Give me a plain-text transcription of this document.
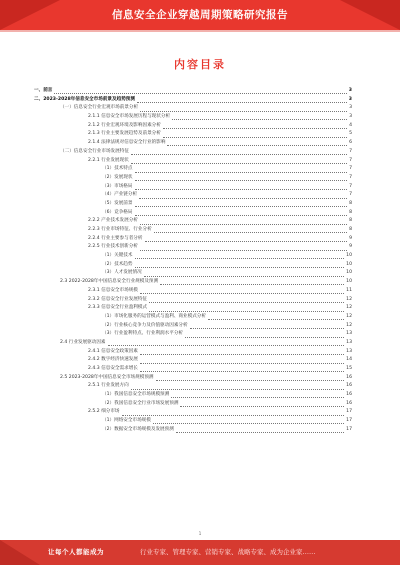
信息安全企业穿越周期策略研究报告
内容目录
一、前言	3
二、2023-2028年信息安全市场前景及趋势预测	3
（一）信息安全行业宏观市场前景分析	3
2.1.1 信息安全市场发展历程与现状分析	3
2.1.2 行业宏观环境及影响因素分析	4
2.1.3 行业主要发展趋势及前景分析	5
2.1.4 法律法规对信息安全行业的影响	6
（二）信息安全行业市场发展特征	7
2.2.1 行业发展现状	7
（1）技术特点	7
（2）发展现状	7
（3）市场格局	7
（4）产业链分析	7
（5）发展前景	8
（6）竞争格局	8
2.2.2 产业技术发展分析	8
2.2.3 行业市场特征、行业分析	8
2.2.4 行业主要参与者分析	9
2.2.5 行业技术创新分析	9
（1）关键技术	10
（2）技术趋势	10
（3）人才发展情况	10
2.3 2022-2028年中国信息安全行业规模及预测	10
2.3.1 信息安全市场规模	11
2.3.2 信息安全行业发展特征	12
2.3.3 信息安全行业盈利模式	12
（1）市场化服务的运营模式与盈利、商业模式分析	12
（2）行业核心竞争力及价值驱动因素分析	12
（3）行业盈利特点、行业利润水平分析	13
2.4 行业发展驱动因素	13
2.4.1 信息安全政策因素	13
2.4.2 数字经济快速发展	14
2.4.3 信息安全需求增长	15
2.5 2023-2028年中国信息安全市场规模预测	16
2.5.1 行业发展方向	16
（1）我国信息安全市场规模预测	16
（2）我国信息安全行业市场发展预测	16
2.5.2 细分市场	17
（1）网络安全市场规模	17
（2）数据安全市场规模及发展预测	17
1
让每个人都能成为	行业专家、管理专家、营销专家、战略专家、成为企业家……
